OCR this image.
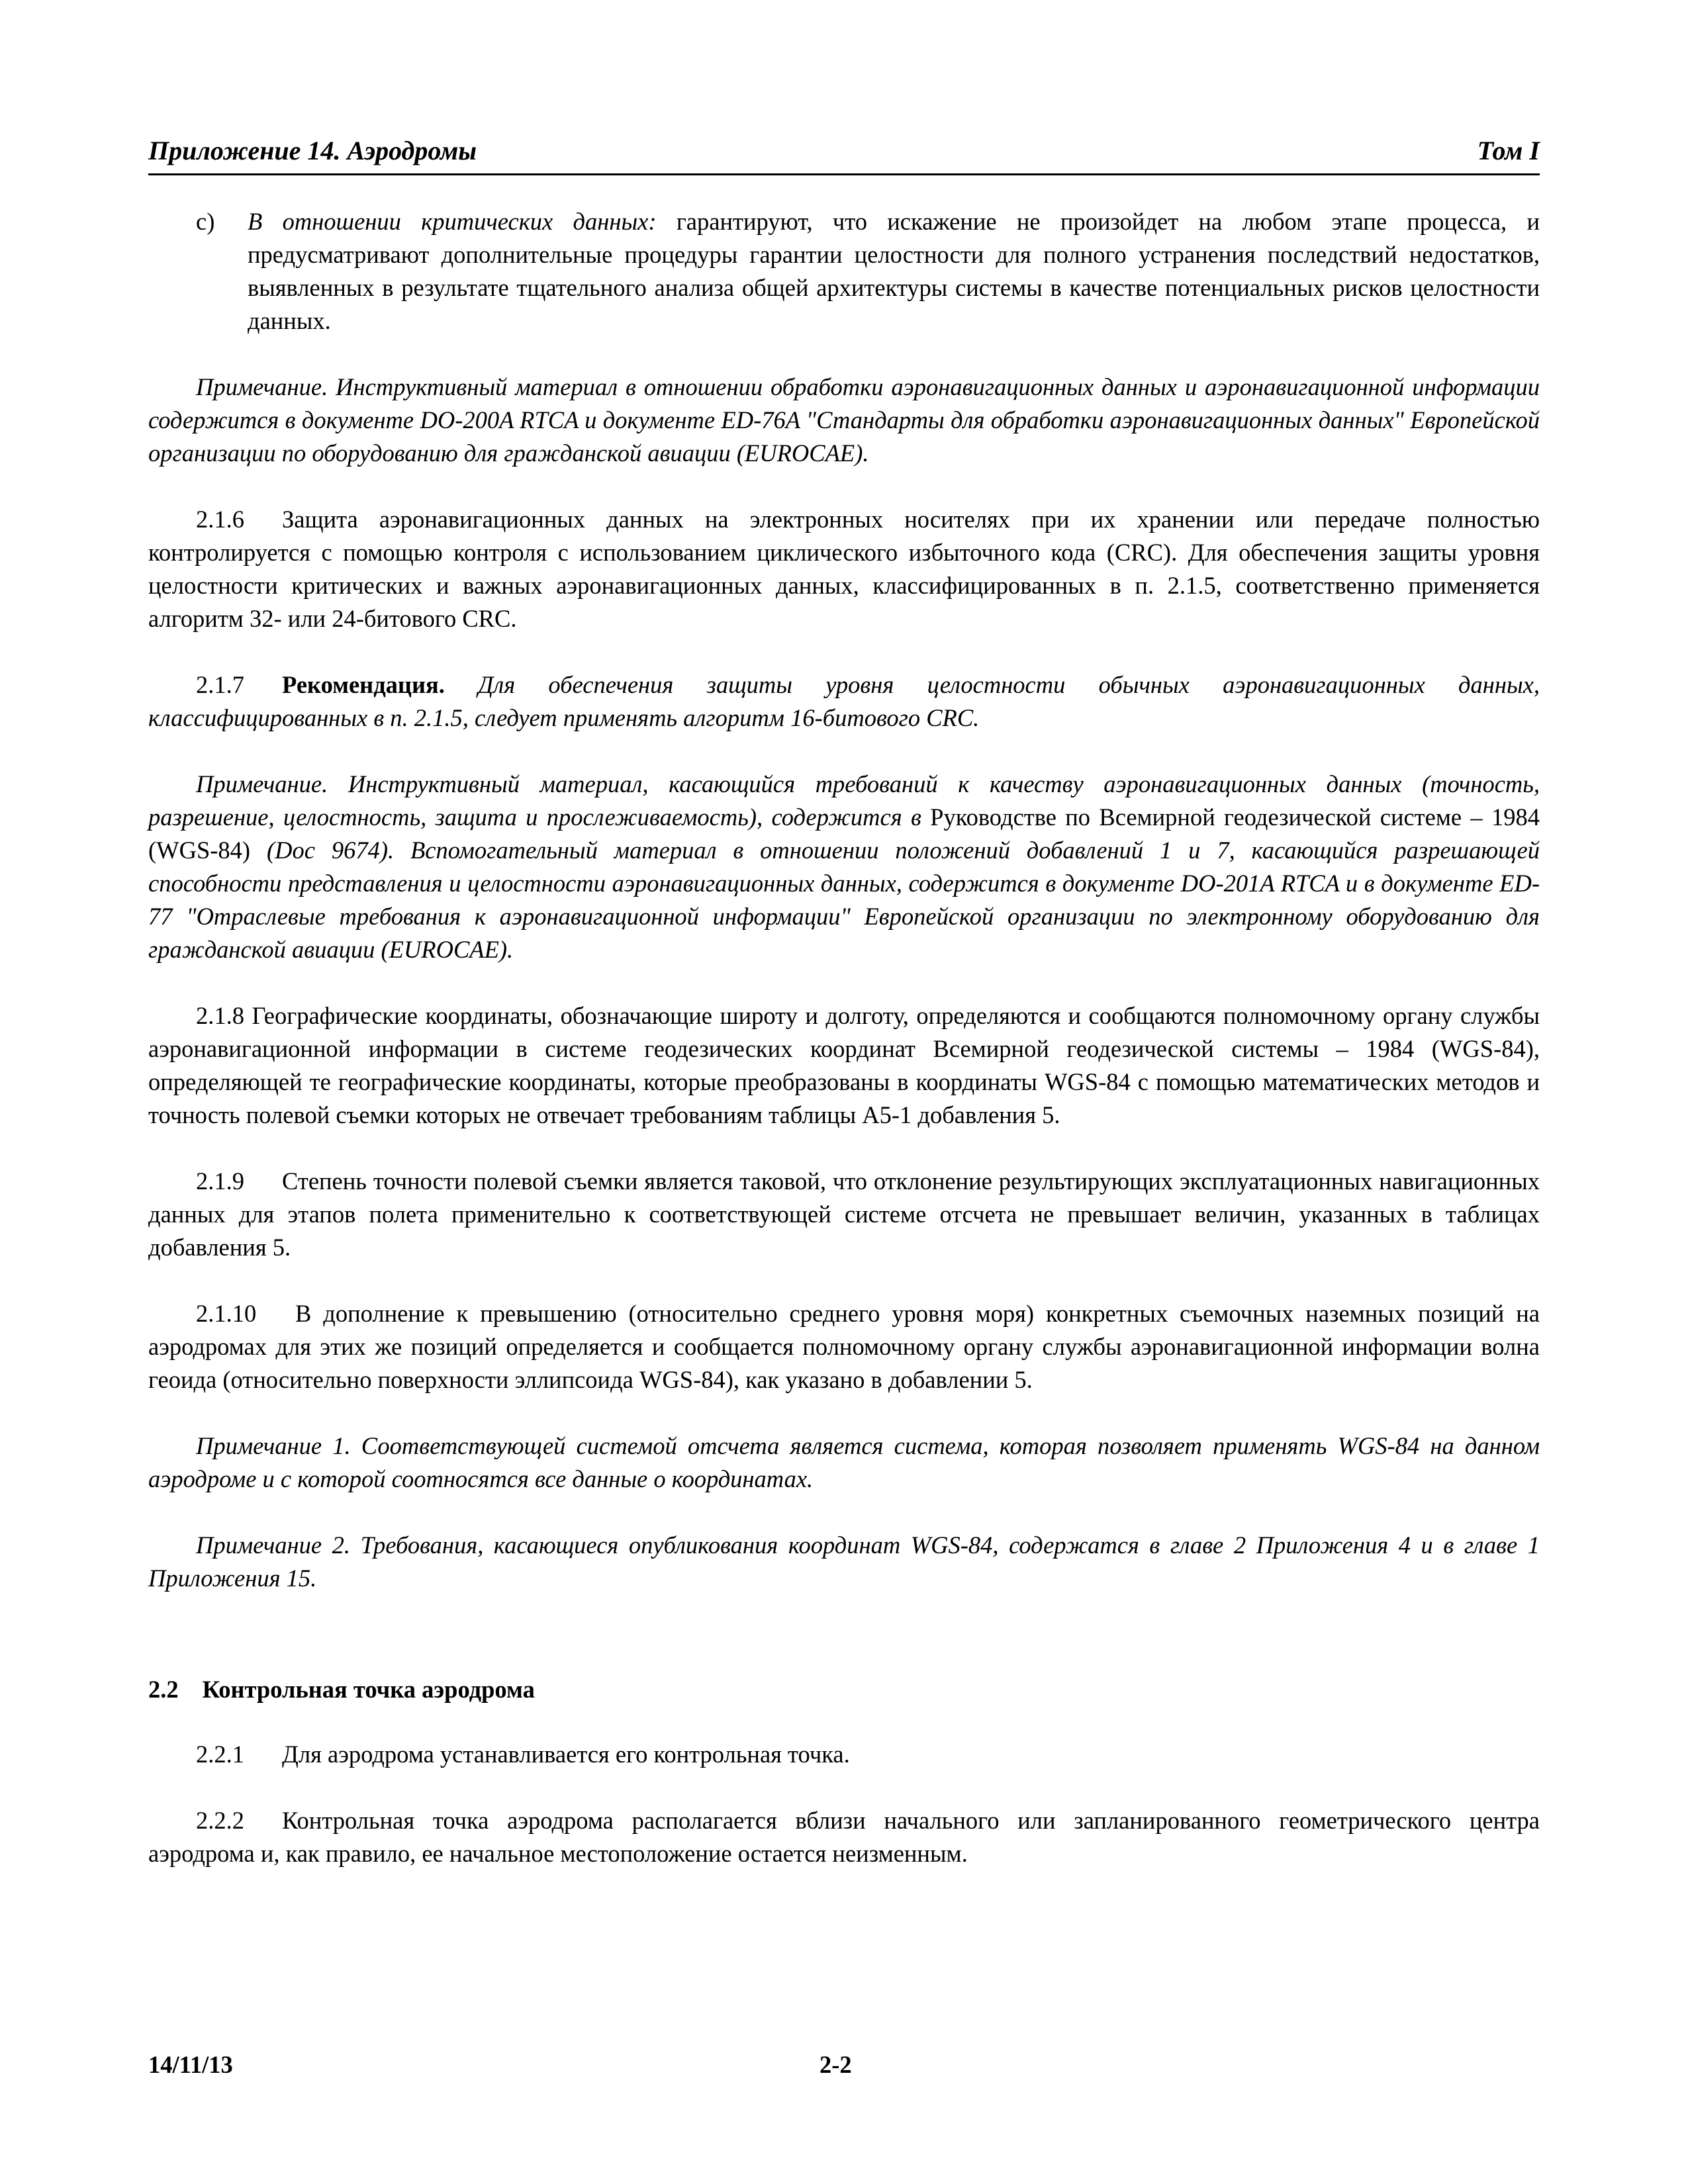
Приложение 14. Аэродромы	Том I
c) В отношении критических данных: гарантируют, что искажение не произойдет на любом этапе процесса, и предусматривают дополнительные процедуры гарантии целостности для полного устранения последствий недостатков, выявленных в результате тщательного анализа общей архитектуры системы в качестве потенциальных рисков целостности данных.

Примечание. Инструктивный материал в отношении обработки аэронавигационных данных и аэронавигационной информации содержится в документе DO-200A RTCA и документе ED-76A "Стандарты для обработки аэронавигационных данных" Европейской организации по оборудованию для гражданской авиации (EUROCAE).

2.1.6 Защита аэронавигационных данных на электронных носителях при их хранении или передаче полностью контролируется с помощью контроля с использованием циклического избыточного кода (CRC). Для обеспечения защиты уровня целостности критических и важных аэронавигационных данных, классифицированных в п. 2.1.5, соответственно применяется алгоритм 32- или 24-битового CRC.

2.1.7 Рекомендация. Для обеспечения защиты уровня целостности обычных аэронавигационных данных, классифицированных в п. 2.1.5, следует применять алгоритм 16-битового CRC.

Примечание. Инструктивный материал, касающийся требований к качеству аэронавигационных данных (точность, разрешение, целостность, защита и прослеживаемость), содержится в Руководстве по Всемирной геодезической системе – 1984 (WGS-84) (Doc 9674). Вспомогательный материал в отношении положений добавлений 1 и 7, касающийся разрешающей способности представления и целостности аэронавигационных данных, содержится в документе DO-201A RTCA и в документе ED-77 "Отраслевые требования к аэронавигационной информации" Европейской организации по электронному оборудованию для гражданской авиации (EUROCAE).

2.1.8 Географические координаты, обозначающие широту и долготу, определяются и сообщаются полномочному органу службы аэронавигационной информации в системе геодезических координат Всемирной геодезической системы – 1984 (WGS-84), определяющей те географические координаты, которые преобразованы в координаты WGS-84 с помощью математических методов и точность полевой съемки которых не отвечает требованиям таблицы А5-1 добавления 5.

2.1.9 Степень точности полевой съемки является таковой, что отклонение результирующих эксплуатационных навигационных данных для этапов полета применительно к соответствующей системе отсчета не превышает величин, указанных в таблицах добавления 5.

2.1.10 В дополнение к превышению (относительно среднего уровня моря) конкретных съемочных наземных позиций на аэродромах для этих же позиций определяется и сообщается полномочному органу службы аэронавигационной информации волна геоида (относительно поверхности эллипсоида WGS-84), как указано в добавлении 5.

Примечание 1. Соответствующей системой отсчета является система, которая позволяет применять WGS-84 на данном аэродроме и с которой соотносятся все данные о координатах.

Примечание 2. Требования, касающиеся опубликования координат WGS-84, содержатся в главе 2 Приложения 4 и в главе 1 Приложения 15.

2.2 Контрольная точка аэродрома

2.2.1 Для аэродрома устанавливается его контрольная точка.

2.2.2 Контрольная точка аэродрома располагается вблизи начального или запланированного геометрического центра аэродрома и, как правило, ее начальное местоположение остается неизменным.

14/11/13	2-2
